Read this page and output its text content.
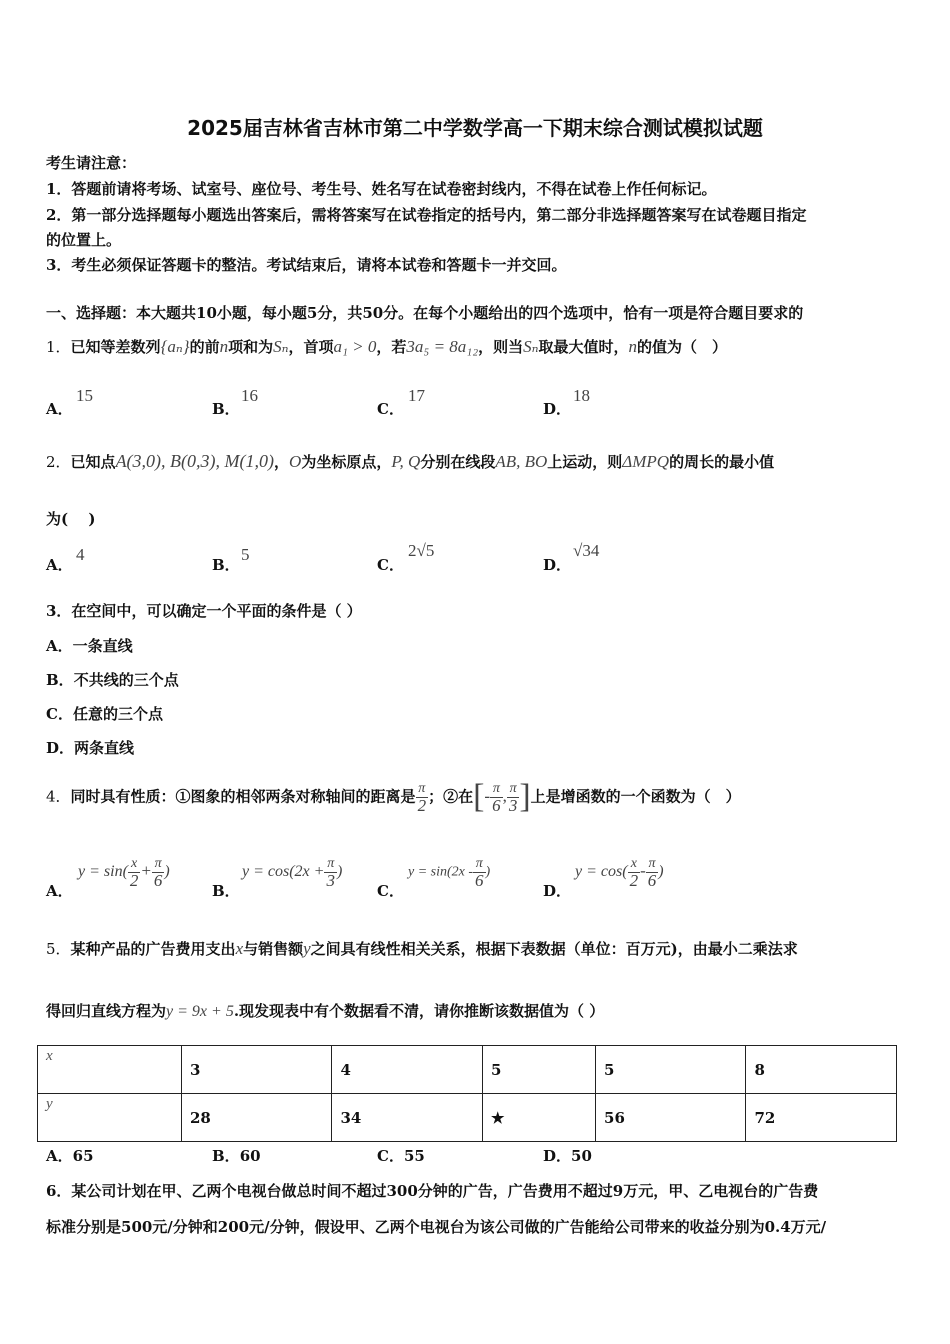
2025届吉林省吉林市第二中学数学高一下期末综合测试模拟试题
考生请注意：
1．答题前请将考场、试室号、座位号、考生号、姓名写在试卷密封线内，不得在试卷上作任何标记。
2．第一部分选择题每小题选出答案后，需将答案写在试卷指定的括号内，第二部分非选择题答案写在试卷题目指定
的位置上。
3．考生必须保证答题卡的整洁。考试结束后，请将本试卷和答题卡一并交回。
一、选择题：本大题共10小题，每小题5分，共50分。在每个小题给出的四个选项中，恰有一项是符合题目要求的
1．已知等差数列{aₙ}的前n项和为Sₙ，首项a₁ > 0，若3a₅ = 8a₁₂，则当Sₙ取最大值时，n的值为（　）
A．
15
B．
16
C．
17
D．
18
2．已知点A(3,0), B(0,3), M(1,0)，O为坐标原点，P, Q分别在线段AB, BO上运动，则ΔMPQ的周长的最小值
为(　 )
A．
4
B．
5
C．
2√5
D．
√34
3．在空间中，可以确定一个平面的条件是（ ）
A．一条直线
B．不共线的三个点
C．任意的三个点
D．两条直线
4．同时具有性质：①图象的相邻两条对称轴间的距离是 $\frac{\pi}{2}$ ；②在[- $\frac{\pi}{6}$ , $\frac{\pi}{3}$ ]上是增函数的一个函数为（　）
A．
$y = \sin( \frac{x}{2} + \frac{\pi}{6}$ )
B．
$y = \cos(2x + \frac{\pi}{3}$ )
C．
$y = \sin(2x - \frac{\pi}{6}$ )
D．
$y = \cos( \frac{x}{2} - \frac{\pi}{6}$ )
5．某种产品的广告费用支出x与销售额y之间具有线性相关关系，根据下表数据（单位：百万元)，由最小二乘法求
得回归直线方程为y = 9x + 5.现发现表中有个数据看不清，请你推断该数据值为（ ）
x	3	4	5	5	8
y	28	34	★	56	72
A．65	B．60	C．55	D．50
6．某公司计划在甲、乙两个电视台做总时间不超过300分钟的广告，广告费用不超过9万元，甲、乙电视台的广告费
标准分别是500元/分钟和200元/分钟，假设甲、乙两个电视台为该公司做的广告能给公司带来的收益分别为0.4万元/
